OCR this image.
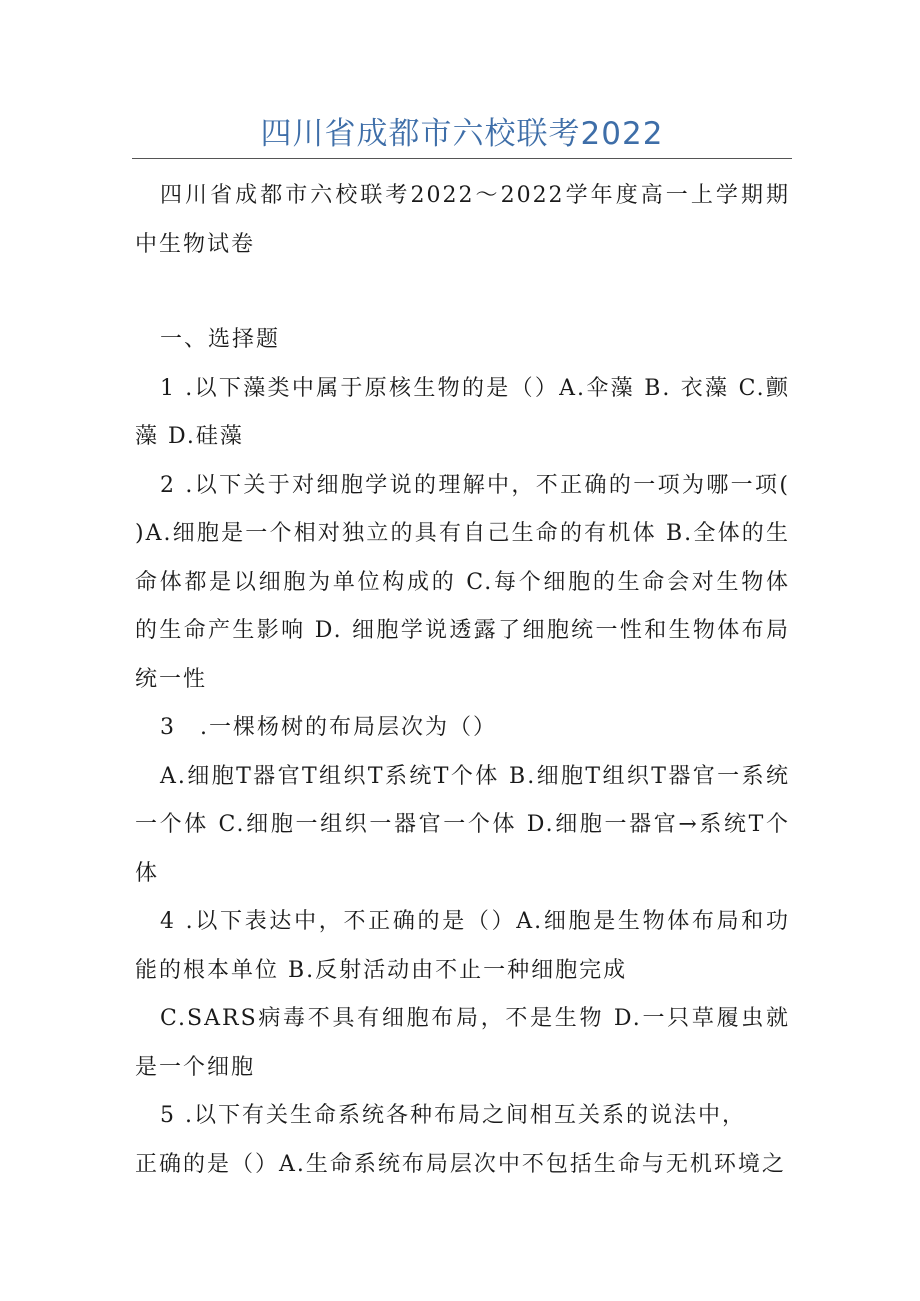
四川省成都市六校联考2022

四川省成都市六校联考2022～2022学年度高一上学期期中生物试卷

一、选择题

1 .以下藻类中属于原核生物的是（）A.伞藻 B. 衣藻 C.颤藻 D.硅藻

2 .以下关于对细胞学说的理解中，不正确的一项为哪一项( )A.细胞是一个相对独立的具有自己生命的有机体 B.全体的生命体都是以细胞为单位构成的 C.每个细胞的生命会对生物体的生命产生影响 D. 细胞学说透露了细胞统一性和生物体布局统一性

3　.一棵杨树的布局层次为（）

A.细胞T器官T组织T系统T个体 B.细胞T组织T器官一系统一个体 C.细胞一组织一器官一个体 D.细胞一器官→系统T个体

4 .以下表达中，不正确的是（）A.细胞是生物体布局和功能的根本单位 B.反射活动由不止一种细胞完成

C.SARS病毒不具有细胞布局，不是生物 D.一只草履虫就是一个细胞

5 .以下有关生命系统各种布局之间相互关系的说法中，

正确的是（）A.生命系统布局层次中不包括生命与无机环境之
